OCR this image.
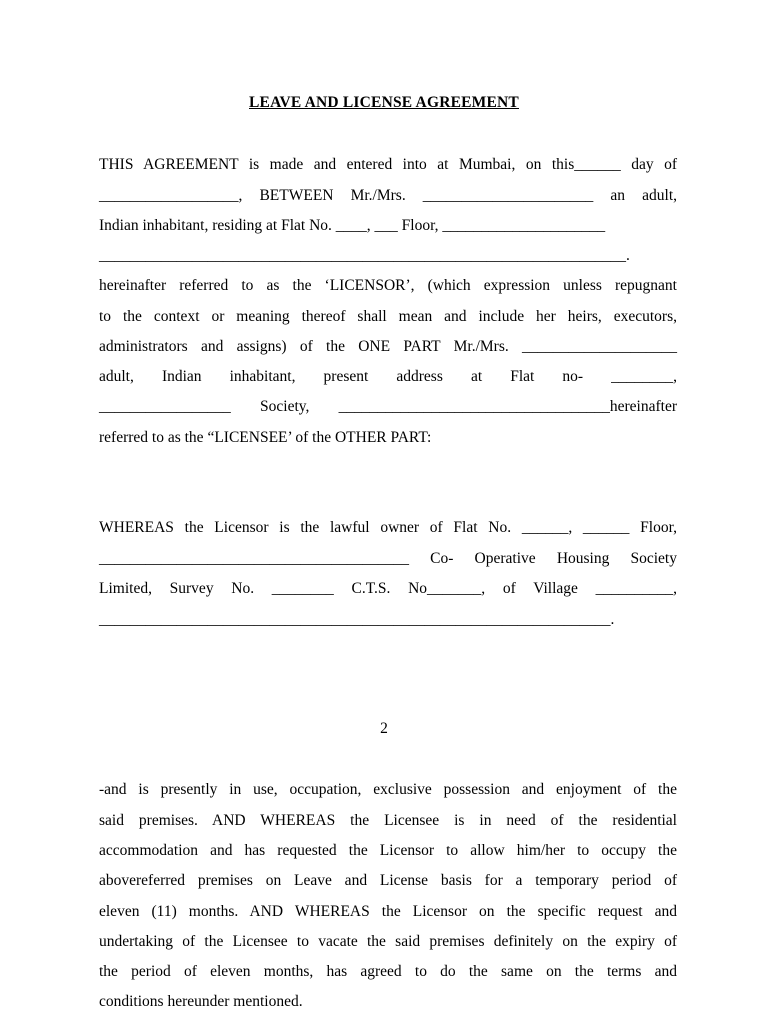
LEAVE AND LICENSE AGREEMENT
THIS AGREEMENT is made and entered into at Mumbai, on this______ day of
__________________, BETWEEN Mr./Mrs. ______________________ an adult,
Indian inhabitant, residing at Flat No. ____, ___ Floor, _____________________
____________________________________________________________________.
hereinafter referred to as the ‘LICENSOR’, (which expression unless repugnant
to the context or meaning thereof shall mean and include her heirs, executors,
administrators and assigns) of the ONE PART Mr./Mrs. ____________________
adult, Indian inhabitant, present address at Flat no- ________,
_________________ Society, ___________________________________hereinafter
referred to as the “LICENSEE’ of the OTHER PART:
WHEREAS the Licensor is the lawful owner of Flat No. ______, ______ Floor,
________________________________________ Co- Operative Housing Society
Limited, Survey No. ________ C.T.S. No_______, of Village __________,
__________________________________________________________________.
2
-and is presently in use, occupation, exclusive possession and enjoyment of the
said premises. AND WHEREAS the Licensee is in need of the residential
accommodation and has requested the Licensor to allow him/her to occupy the
abovereferred premises on Leave and License basis for a temporary period of
eleven (11) months. AND WHEREAS the Licensor on the specific request and
undertaking of the Licensee to vacate the said premises definitely on the expiry of
the period of eleven months, has agreed to do the same on the terms and
conditions hereunder mentioned.
